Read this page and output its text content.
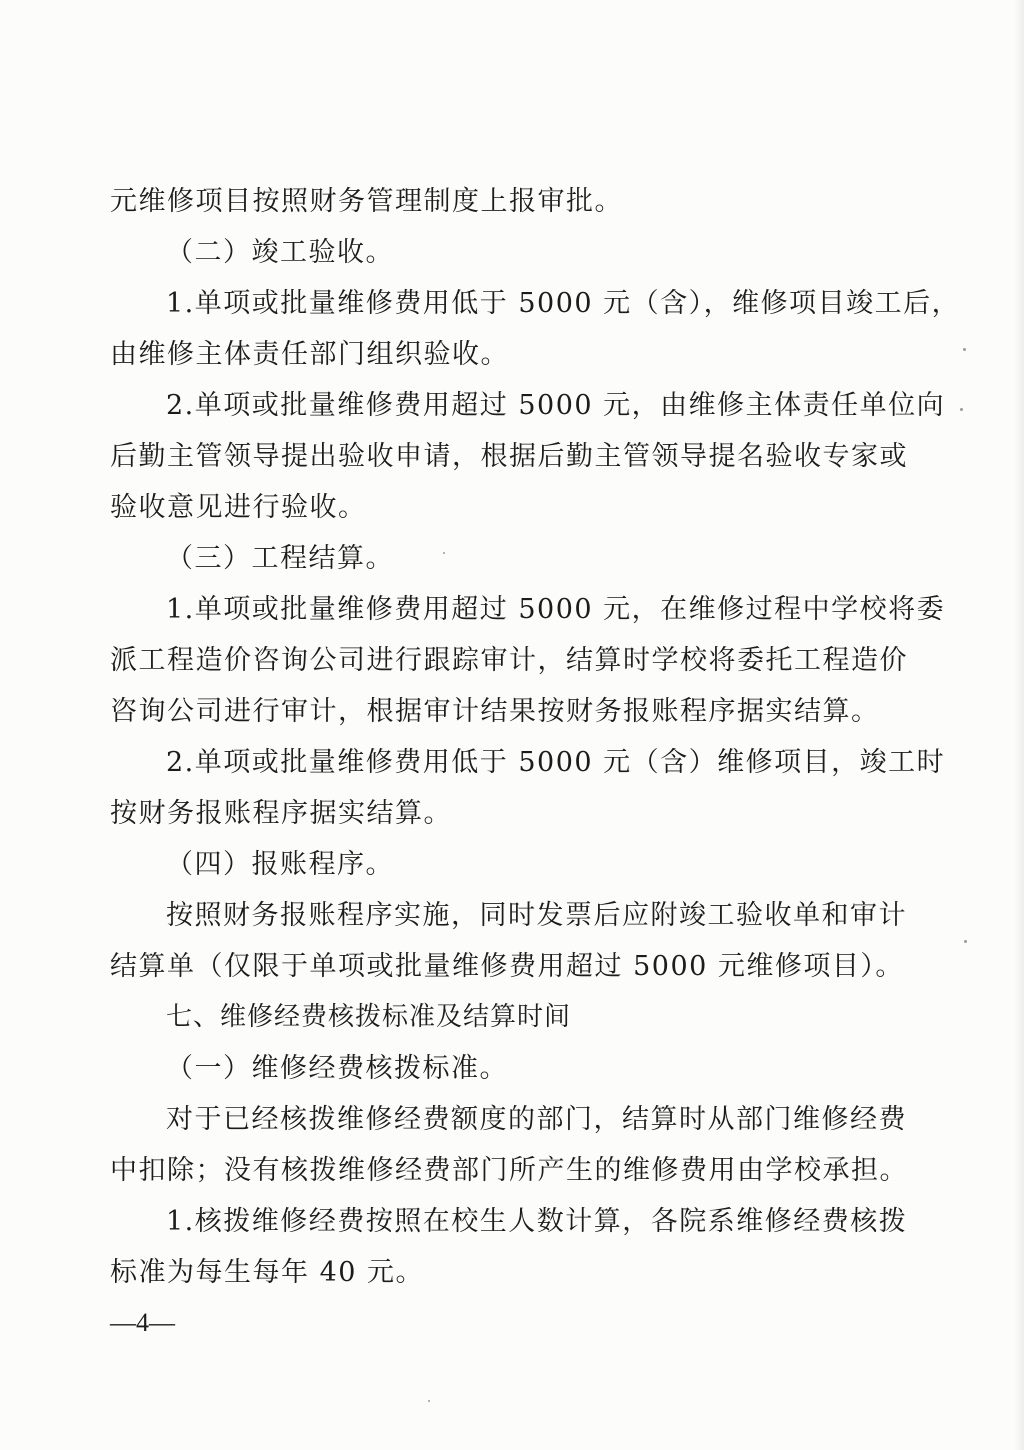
元维修项目按照财务管理制度上报审批。
（二）竣工验收。
1.单项或批量维修费用低于 5000 元（含），维修项目竣工后，
由维修主体责任部门组织验收。
2.单项或批量维修费用超过 5000 元，由维修主体责任单位向
后勤主管领导提出验收申请，根据后勤主管领导提名验收专家或
验收意见进行验收。
（三）工程结算。
1.单项或批量维修费用超过 5000 元，在维修过程中学校将委
派工程造价咨询公司进行跟踪审计，结算时学校将委托工程造价
咨询公司进行审计，根据审计结果按财务报账程序据实结算。
2.单项或批量维修费用低于 5000 元（含）维修项目，竣工时
按财务报账程序据实结算。
（四）报账程序。
按照财务报账程序实施，同时发票后应附竣工验收单和审计
结算单（仅限于单项或批量维修费用超过 5000 元维修项目）。
七、维修经费核拨标准及结算时间
（一）维修经费核拨标准。
对于已经核拨维修经费额度的部门，结算时从部门维修经费
中扣除；没有核拨维修经费部门所产生的维修费用由学校承担。
1.核拨维修经费按照在校生人数计算，各院系维修经费核拨
标准为每生每年 40 元。
—4—
